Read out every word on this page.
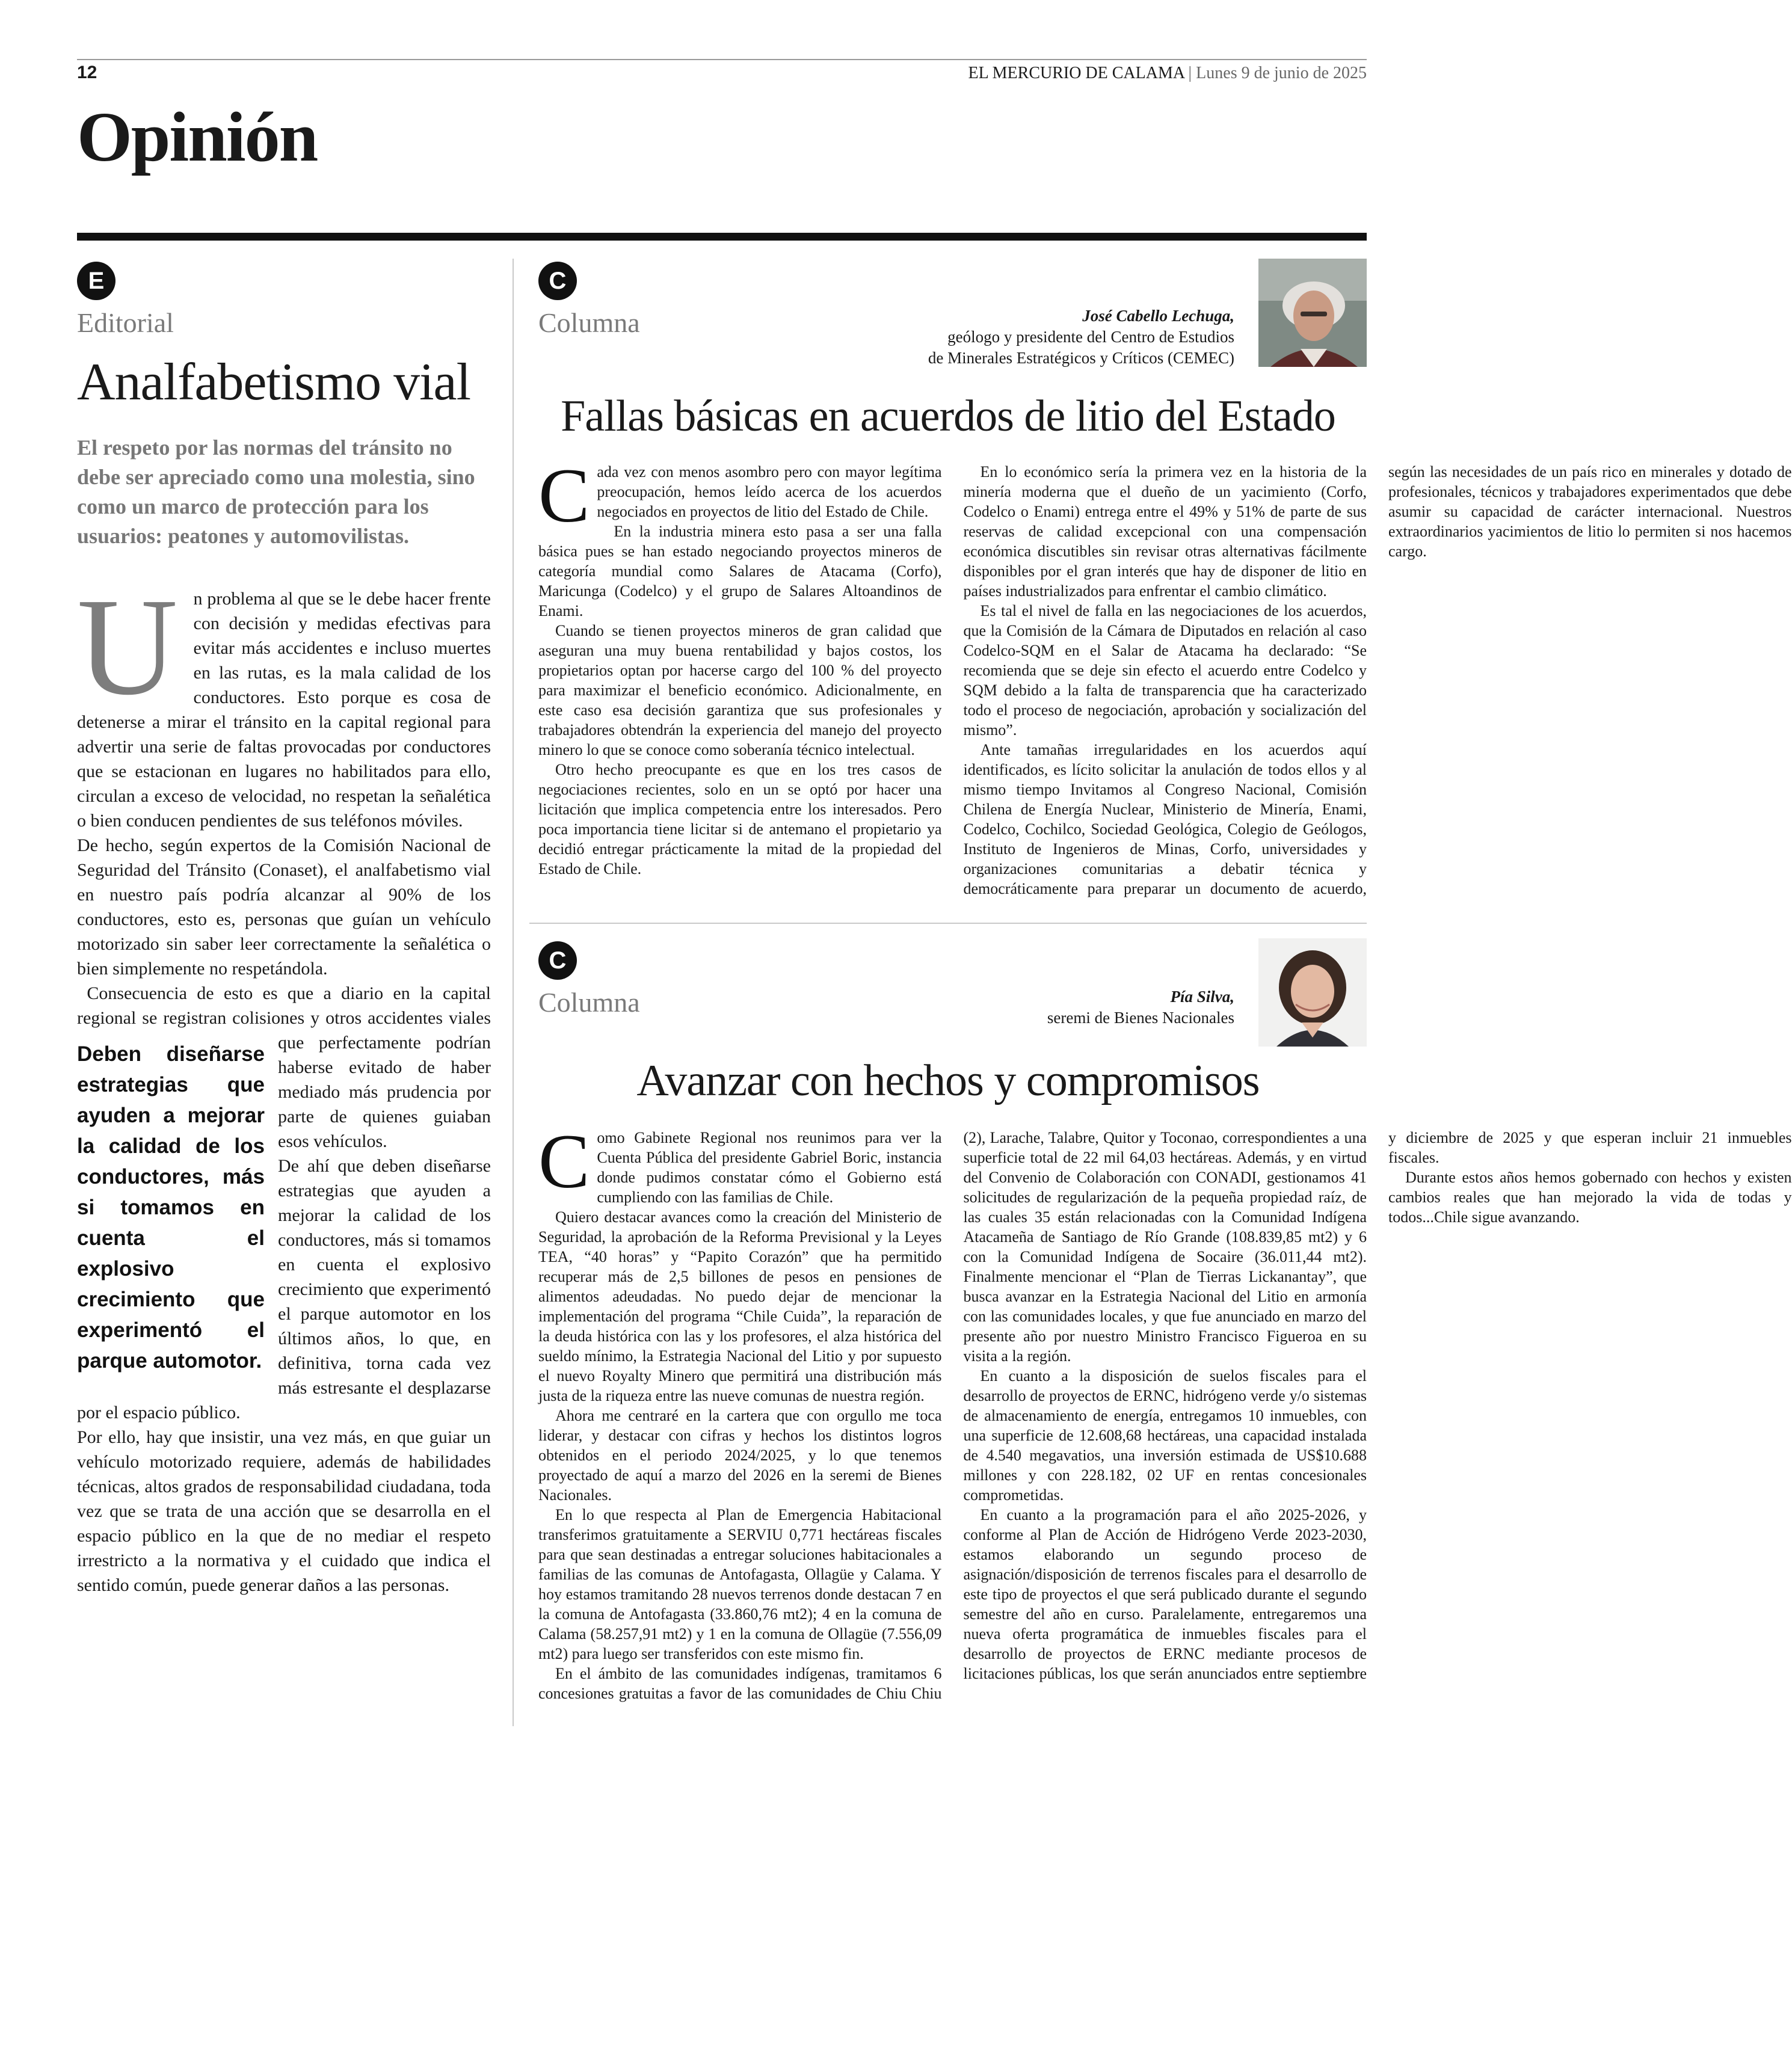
12	EL MERCURIO DE CALAMA | Lunes 9 de junio de 2025
Opinión
E
Editorial
Analfabetismo vial
El respeto por las normas del tránsito no debe ser apreciado como una molestia, sino como un marco de protección para los usuarios: peatones y automovilistas.

Un problema al que se le debe hacer frente con decisión y medidas efectivas para evitar más accidentes e incluso muertes en las rutas, es la mala calidad de los conductores. Esto porque es cosa de detenerse a mirar el tránsito en la capital regional para advertir una serie de faltas provocadas por conductores que se estacionan en lugares no habilitados para ello, circulan a exceso de velocidad, no respetan la señalética o bien conducen pendientes de sus teléfonos móviles.

De hecho, según expertos de la Comisión Nacional de Seguridad del Tránsito (Conaset), el analfabetismo vial en nuestro país podría alcanzar al 90% de los conductores, esto es, personas que guían un vehículo motorizado sin saber leer correctamente la señalética o bien simplemente no respetándola.

Consecuencia de esto es que a diario en la capital regional se registran colisiones y otros accidentes viales
Deben diseñarse estrategias que ayuden a mejorar la calidad de los conductores, más si tomamos en cuenta el explosivo crecimiento que experimentó el parque automotor.
que perfectamente podrían haberse evitado de haber mediado más prudencia por parte de quienes guiaban esos vehículos.

De ahí que deben diseñarse estrategias que ayuden a mejorar la calidad de los conductores, más si tomamos en cuenta el explosivo crecimiento que experimentó el parque automotor en los últimos años, lo que, en definitiva, torna cada vez más estresante el desplazarse por el espacio público.

Por ello, hay que insistir, una vez más, en que guiar un vehículo motorizado requiere, además de habilidades técnicas, altos grados de responsabilidad ciudadana, toda vez que se trata de una acción que se desarrolla en el espacio público en la que de no mediar el respeto irrestricto a la normativa y el cuidado que indica el sentido común, puede generar daños a las personas.

C
Columna	José Cabello Lechuga,
geólogo y presidente del Centro de Estudios
de Minerales Estratégicos y Críticos (CEMEC)
Fallas básicas en acuerdos de litio del Estado

Cada vez con menos asombro pero con mayor legítima preocupación, hemos leído acerca de los acuerdos negociados en proyectos de litio del Estado de Chile.

En la industria minera esto pasa a ser una falla básica pues se han estado negociando proyectos mineros de categoría mundial como Salares de Atacama (Corfo), Maricunga (Codelco) y el grupo de Salares Altoandinos de Enami.

Cuando se tienen proyectos mineros de gran calidad que aseguran una muy buena rentabilidad y bajos costos, los propietarios optan por hacerse cargo del 100 % del proyecto para maximizar el beneficio económico. Adicionalmente, en este caso esa decisión garantiza que sus profesionales y trabajadores obtendrán la experiencia del manejo del proyecto minero lo que se conoce como soberanía técnico intelectual.

Otro hecho preocupante es que en los tres casos de negociaciones recientes, solo en un se optó por hacer una licitación que implica competencia entre los interesados. Pero poca importancia tiene licitar si de antemano el propietario ya decidió entregar prácticamente la mitad de la propiedad del Estado de Chile.

En lo económico sería la primera vez en la historia de la minería moderna que el dueño de un yacimiento (Corfo, Codelco o Enami) entrega entre el 49% y 51% de parte de sus reservas de calidad excepcional con una compensación económica discutibles sin revisar otras alternativas fácilmente disponibles por el gran interés que hay de disponer de litio en países industrializados para enfrentar el cambio climático.

Es tal el nivel de falla en las negociaciones de los acuerdos, que la Comisión de la Cámara de Diputados en relación al caso Codelco-SQM en el Salar de Atacama ha declarado: “Se recomienda que se deje sin efecto el acuerdo entre Codelco y SQM debido a la falta de transparencia que ha caracterizado todo el proceso de negociación, aprobación y socialización del mismo”.

Ante tamañas irregularidades en los acuerdos aquí identificados, es lícito solicitar la anulación de todos ellos y al mismo tiempo Invitamos al Congreso Nacional, Comisión Chilena de Energía Nuclear, Ministerio de Minería, Enami, Codelco, Cochilco, Sociedad Geológica, Colegio de Geólogos, Instituto de Ingenieros de Minas, Corfo, universidades y organizaciones comunitarias a debatir técnica y democráticamente para preparar un documento de acuerdo, según las necesidades de un país rico en minerales y dotado de profesionales, técnicos y trabajadores experimentados que debe asumir su capacidad de carácter internacional. Nuestros extraordinarios yacimientos de litio lo permiten si nos hacemos cargo.

C
Columna	Pía Silva,
seremi de Bienes Nacionales
Avanzar con hechos y compromisos

Como Gabinete Regional nos reunimos para ver la Cuenta Pública del presidente Gabriel Boric, instancia donde pudimos constatar cómo el Gobierno está cumpliendo con las familias de Chile.

Quiero destacar avances como la creación del Ministerio de Seguridad, la aprobación de la Reforma Previsional y la Leyes TEA, “40 horas” y “Papito Corazón” que ha permitido recuperar más de 2,5 billones de pesos en pensiones de alimentos adeudadas. No puedo dejar de mencionar la implementación del programa “Chile Cuida”, la reparación de la deuda histórica con las y los profesores, el alza histórica del sueldo mínimo, la Estrategia Nacional del Litio y por supuesto el nuevo Royalty Minero que permitirá una distribución más justa de la riqueza entre las nueve comunas de nuestra región.

Ahora me centraré en la cartera que con orgullo me toca liderar, y destacar con cifras y hechos los distintos logros obtenidos en el periodo 2024/2025, y lo que tenemos proyectado de aquí a marzo del 2026 en la seremi de Bienes Nacionales.

En lo que respecta al Plan de Emergencia Habitacional transferimos gratuitamente a SERVIU 0,771 hectáreas fiscales para que sean destinadas a entregar soluciones habitacionales a familias de las comunas de Antofagasta, Ollagüe y Calama. Y hoy estamos tramitando 28 nuevos terrenos donde destacan 7 en la comuna de Antofagasta (33.860,76 mt2); 4 en la comuna de Calama (58.257,91 mt2) y 1 en la comuna de Ollagüe (7.556,09 mt2) para luego ser transferidos con este mismo fin.

En el ámbito de las comunidades indígenas, tramitamos 6 concesiones gratuitas a favor de las comunidades de Chiu Chiu (2), Larache, Talabre, Quitor y Toconao, correspondientes a una superficie total de 22 mil 64,03 hectáreas. Además, y en virtud del Convenio de Colaboración con CONADI, gestionamos 41 solicitudes de regularización de la pequeña propiedad raíz, de las cuales 35 están relacionadas con la Comunidad Indígena Atacameña de Santiago de Río Grande (108.839,85 mt2) y 6 con la Comunidad Indígena de Socaire (36.011,44 mt2). Finalmente mencionar el “Plan de Tierras Lickanantay”, que busca avanzar en la Estrategia Nacional del Litio en armonía con las comunidades locales, y que fue anunciado en marzo del presente año por nuestro Ministro Francisco Figueroa en su visita a la región.

En cuanto a la disposición de suelos fiscales para el desarrollo de proyectos de ERNC, hidrógeno verde y/o sistemas de almacenamiento de energía, entregamos 10 inmuebles, con una superficie de 12.608,68 hectáreas, una capacidad instalada de 4.540 megavatios, una inversión estimada de US$10.688 millones y con 228.182, 02 UF en rentas concesionales comprometidas.

En cuanto a la programación para el año 2025-2026, y conforme al Plan de Acción de Hidrógeno Verde 2023-2030, estamos elaborando un segundo proceso de asignación/disposición de terrenos fiscales para el desarrollo de este tipo de proyectos el que será publicado durante el segundo semestre del año en curso. Paralelamente, entregaremos una nueva oferta programática de inmuebles fiscales para el desarrollo de proyectos de ERNC mediante procesos de licitaciones públicas, los que serán anunciados entre septiembre y diciembre de 2025 y que esperan incluir 21 inmuebles fiscales.

Durante estos años hemos gobernado con hechos y existen cambios reales que han mejorado la vida de todas y todos...Chile sigue avanzando.
